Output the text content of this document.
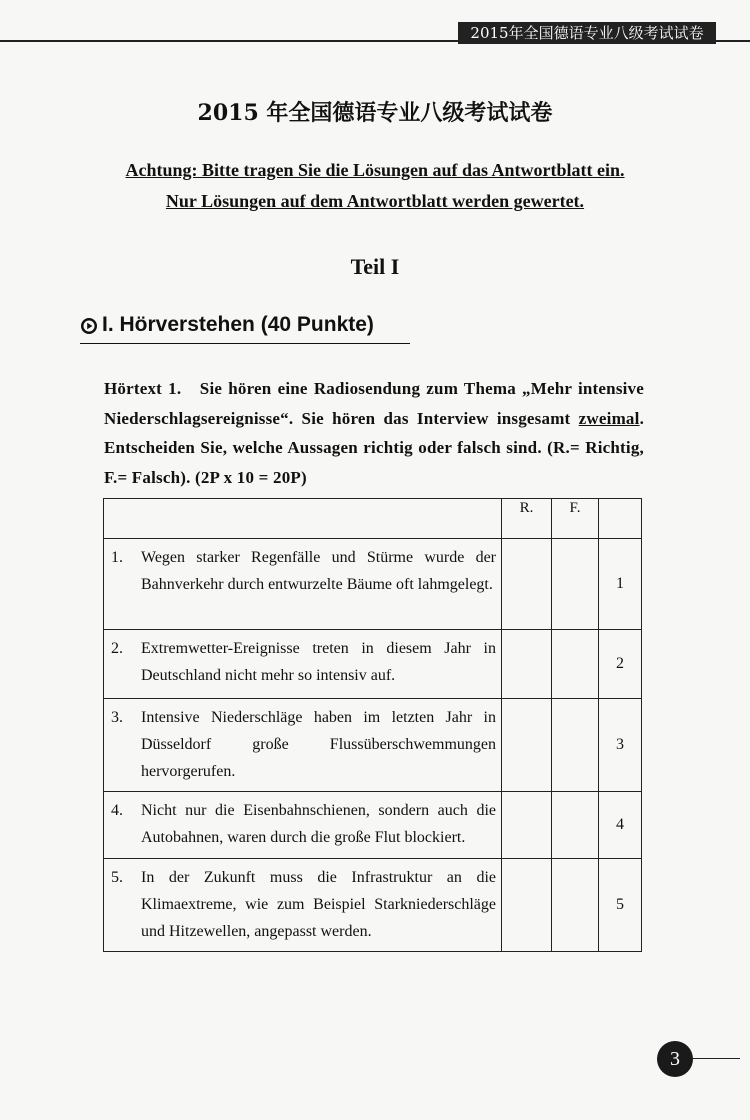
2015年全国德语专业八级考试试卷
2015 年全国德语专业八级考试试卷
Achtung: Bitte tragen Sie die Lösungen auf das Antwortblatt ein.
Nur Lösungen auf dem Antwortblatt werden gewertet.
Teil I
I. Hörverstehen (40 Punkte)
Hörtext 1. Sie hören eine Radiosendung zum Thema „Mehr intensive Niederschlagsereignisse“. Sie hören das Interview insgesamt zweimal. Entscheiden Sie, welche Aussagen richtig oder falsch sind. (R.= Richtig, F.= Falsch). (2P x 10 = 20P)
	R.	F.	

1. Wegen starker Regenfälle und Stürme wurde der Bahnverkehr durch entwurzelte Bäume oft lahmgelegt.			1

2. Extremwetter-Ereignisse treten in diesem Jahr in Deutschland nicht mehr so intensiv auf.			2

3. Intensive Niederschläge haben im letzten Jahr in Düsseldorf große Flussüberschwemmungen hervorgerufen.			3

4. Nicht nur die Eisenbahnschienen, sondern auch die Autobahnen, waren durch die große Flut blockiert.			4

5. In der Zukunft muss die Infrastruktur an die Klimaextreme, wie zum Beispiel Starkniederschläge und Hitzewellen, angepasst werden.			5
3
